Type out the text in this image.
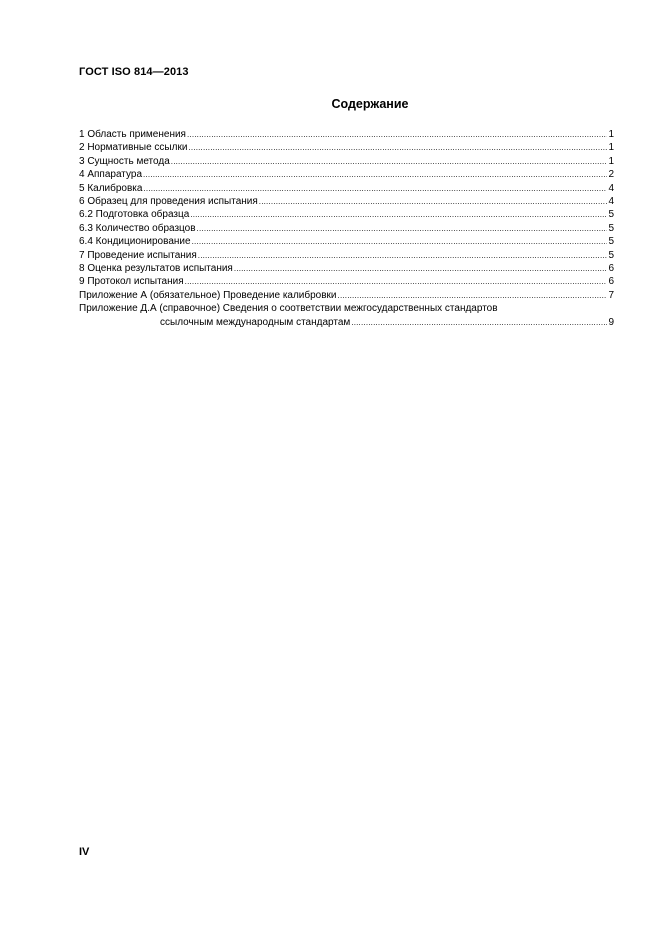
ГОСТ ISO 814—2013
Содержание
1 Область применения .....	1
2 Нормативные ссылки .....	1
3 Сущность метода .....	1
4 Аппаратура .....	2
5 Калибровка .....	4
6 Образец для проведения испытания .....	4
6.2 Подготовка образца .....	5
6.3 Количество образцов .....	5
6.4 Кондиционирование .....	5
7 Проведение испытания .....	5
8 Оценка результатов испытания .....	6
9 Протокол испытания .....	6
Приложение А (обязательное) Проведение калибровки .....	7
Приложение Д.А (справочное) Сведения о соответствии межгосударственных стандартов
ссылочным международным стандартам .....	9
IV
